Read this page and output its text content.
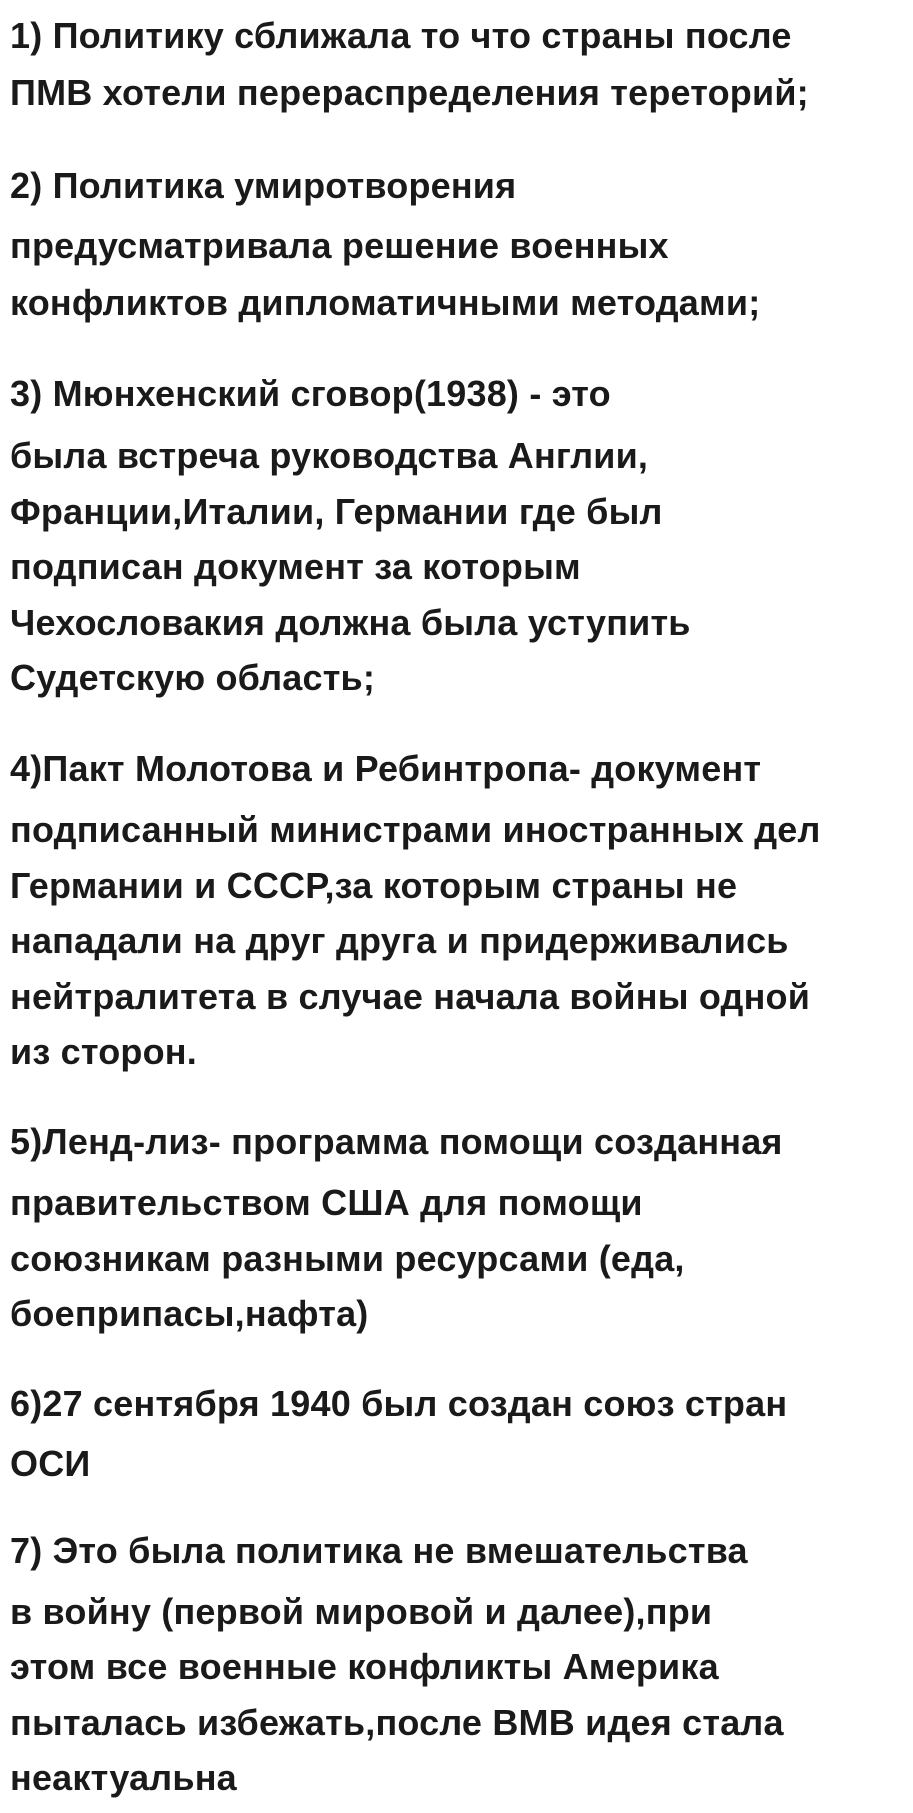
1) Политику сближала то что страны после
ПМВ хотели перераспределения тереторий;
2) Политика умиротворения
предусматривала решение военных
конфликтов дипломатичными методами;
3) Мюнхенский сговор(1938) - это
была встреча руководства Англии,
Франции,Италии, Германии где был
подписан документ за которым
Чехословакия должна была уступить
Судетскую область;
4)Пакт Молотова и Ребинтропа- документ
подписанный министрами иностранных дел
Германии и СССР,за которым страны не
нападали на друг друга и придерживались
нейтралитета в случае начала войны одной
из сторон.
5)Ленд-лиз- программа помощи созданная
правительством США для помощи
союзникам разными ресурсами (еда,
боеприпасы,нафта)
6)27 сентября 1940 был создан союз стран
ОСИ
7) Это была политика не вмешательства
в войну (первой мировой и далее),при
этом все военные конфликты Америка
пыталась избежать,после ВМВ идея стала
неактуальна
